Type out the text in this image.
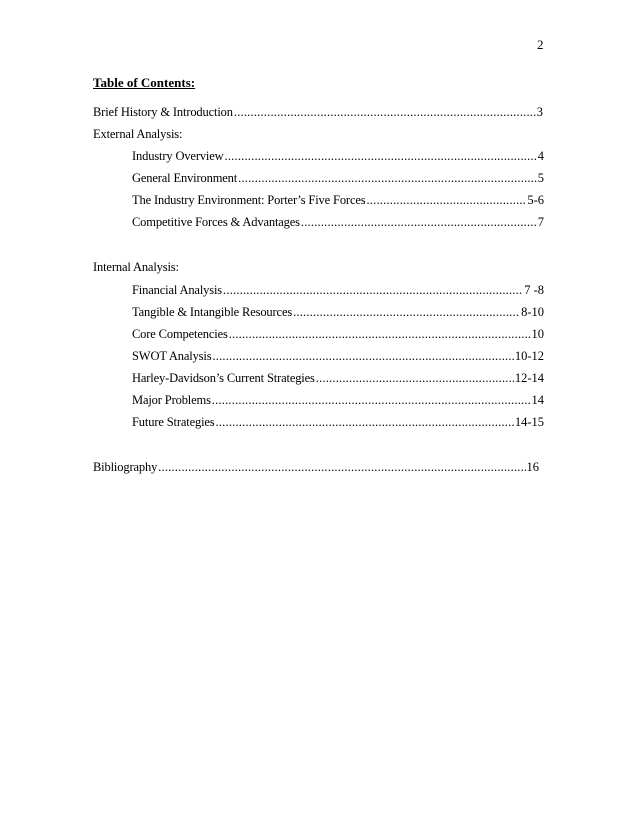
2
Table of Contents:
Brief History & Introduction .....	3
External Analysis:
Industry Overview .....	4
General Environment .....	5
The Industry Environment: Porter’s Five Forces .....	5-6
Competitive Forces & Advantages .....	7
Internal Analysis:
Financial Analysis .....	7 -8
Tangible & Intangible Resources .....	8-10
Core Competencies .....	10
SWOT Analysis .....	10-12
Harley-Davidson’s Current Strategies .....	12-14
Major Problems .....	14
Future Strategies .....	14-15
Bibliography .....	16
